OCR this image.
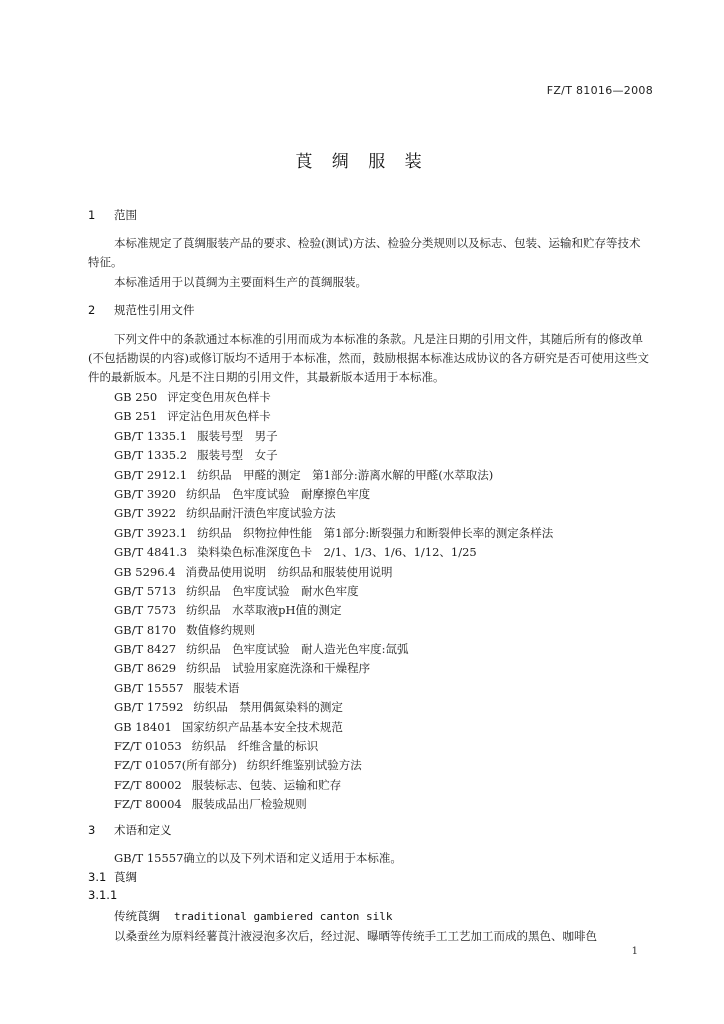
FZ/T 81016—2008
莨 绸 服 装
1 范围
本标准规定了莨绸服装产品的要求、检验(测试)方法、检验分类规则以及标志、包装、运输和贮存等技术特征。
本标准适用于以莨绸为主要面料生产的莨绸服装。
2 规范性引用文件
下列文件中的条款通过本标准的引用而成为本标准的条款。凡是注日期的引用文件，其随后所有的修改单(不包括勘误的内容)或修订版均不适用于本标准，然而，鼓励根据本标准达成协议的各方研究是否可使用这些文件的最新版本。凡是不注日期的引用文件，其最新版本适用于本标准。
GB 250 评定变色用灰色样卡
GB 251 评定沾色用灰色样卡
GB/T 1335.1 服装号型　男子
GB/T 1335.2 服装号型　女子
GB/T 2912.1 纺织品　甲醛的测定　第1部分:游离水解的甲醛(水萃取法)
GB/T 3920 纺织品　色牢度试验　耐摩擦色牢度
GB/T 3922 纺织品耐汗渍色牢度试验方法
GB/T 3923.1 纺织品　织物拉伸性能　第1部分:断裂强力和断裂伸长率的测定条样法
GB/T 4841.3 染料染色标准深度色卡　2/1、1/3、1/6、1/12、1/25
GB 5296.4 消费品使用说明　纺织品和服装使用说明
GB/T 5713 纺织品　色牢度试验　耐水色牢度
GB/T 7573 纺织品　水萃取液pH值的测定
GB/T 8170 数值修约规则
GB/T 8427 纺织品　色牢度试验　耐人造光色牢度:氙弧
GB/T 8629 纺织品　试验用家庭洗涤和干燥程序
GB/T 15557 服装术语
GB/T 17592 纺织品　禁用偶氮染料的测定
GB 18401 国家纺织产品基本安全技术规范
FZ/T 01053 纺织品　纤维含量的标识
FZ/T 01057(所有部分) 纺织纤维鉴别试验方法
FZ/T 80002 服装标志、包装、运输和贮存
FZ/T 80004 服装成品出厂检验规则
3 术语和定义
GB/T 15557确立的以及下列术语和定义适用于本标准。
3.1 莨绸
3.1.1
传统莨绸 traditional gambiered canton silk
以桑蚕丝为原料经薯莨汁液浸泡多次后，经过泥、曝晒等传统手工工艺加工而成的黑色、咖啡色
1
